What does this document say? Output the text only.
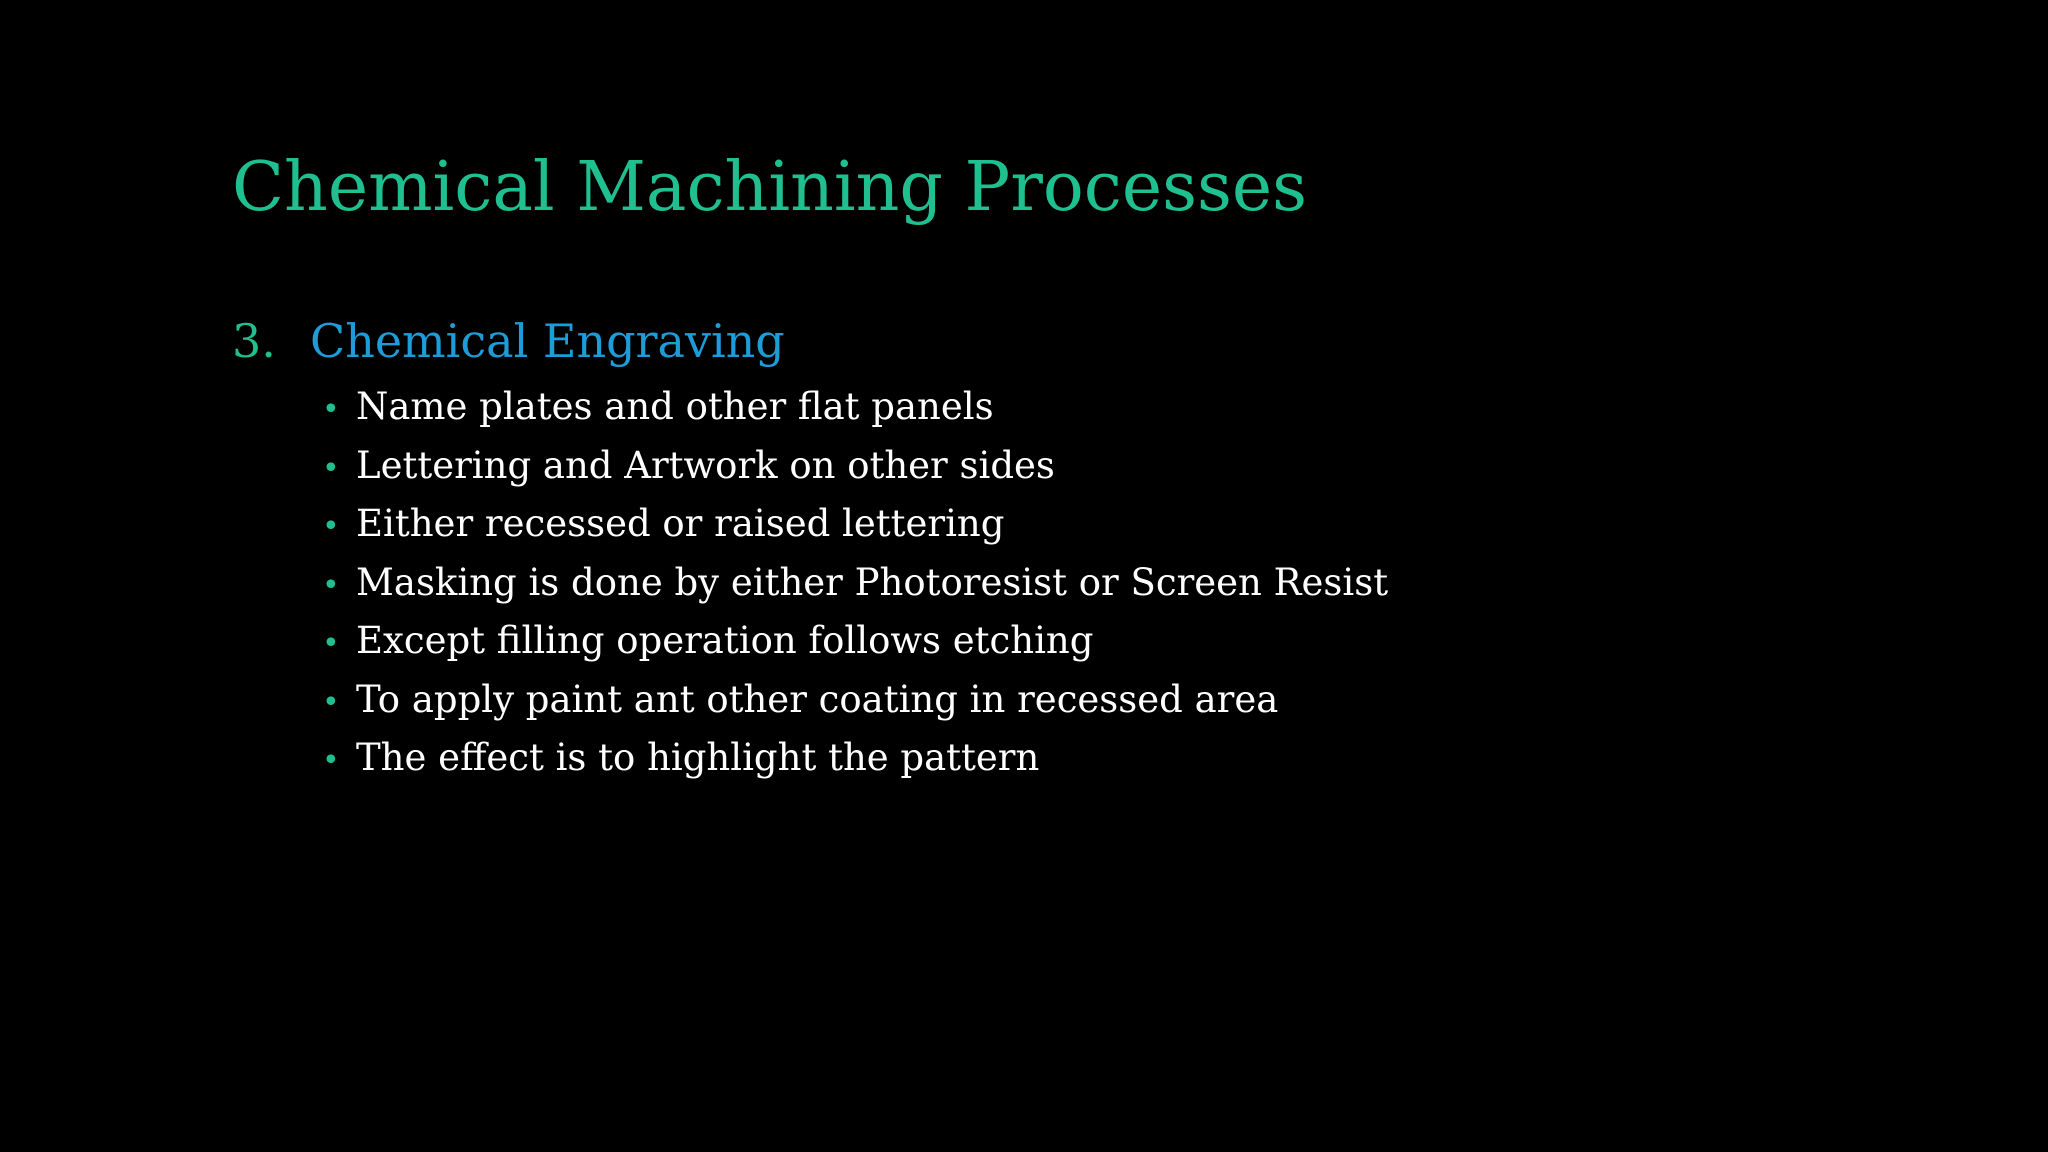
Chemical Machining Processes
3. Chemical Engraving
• Name plates and other flat panels
• Lettering and Artwork on other sides
• Either recessed or raised lettering
• Masking is done by either Photoresist or Screen Resist
• Except filling operation follows etching
• To apply paint ant other coating in recessed area
• The effect is to highlight the pattern
